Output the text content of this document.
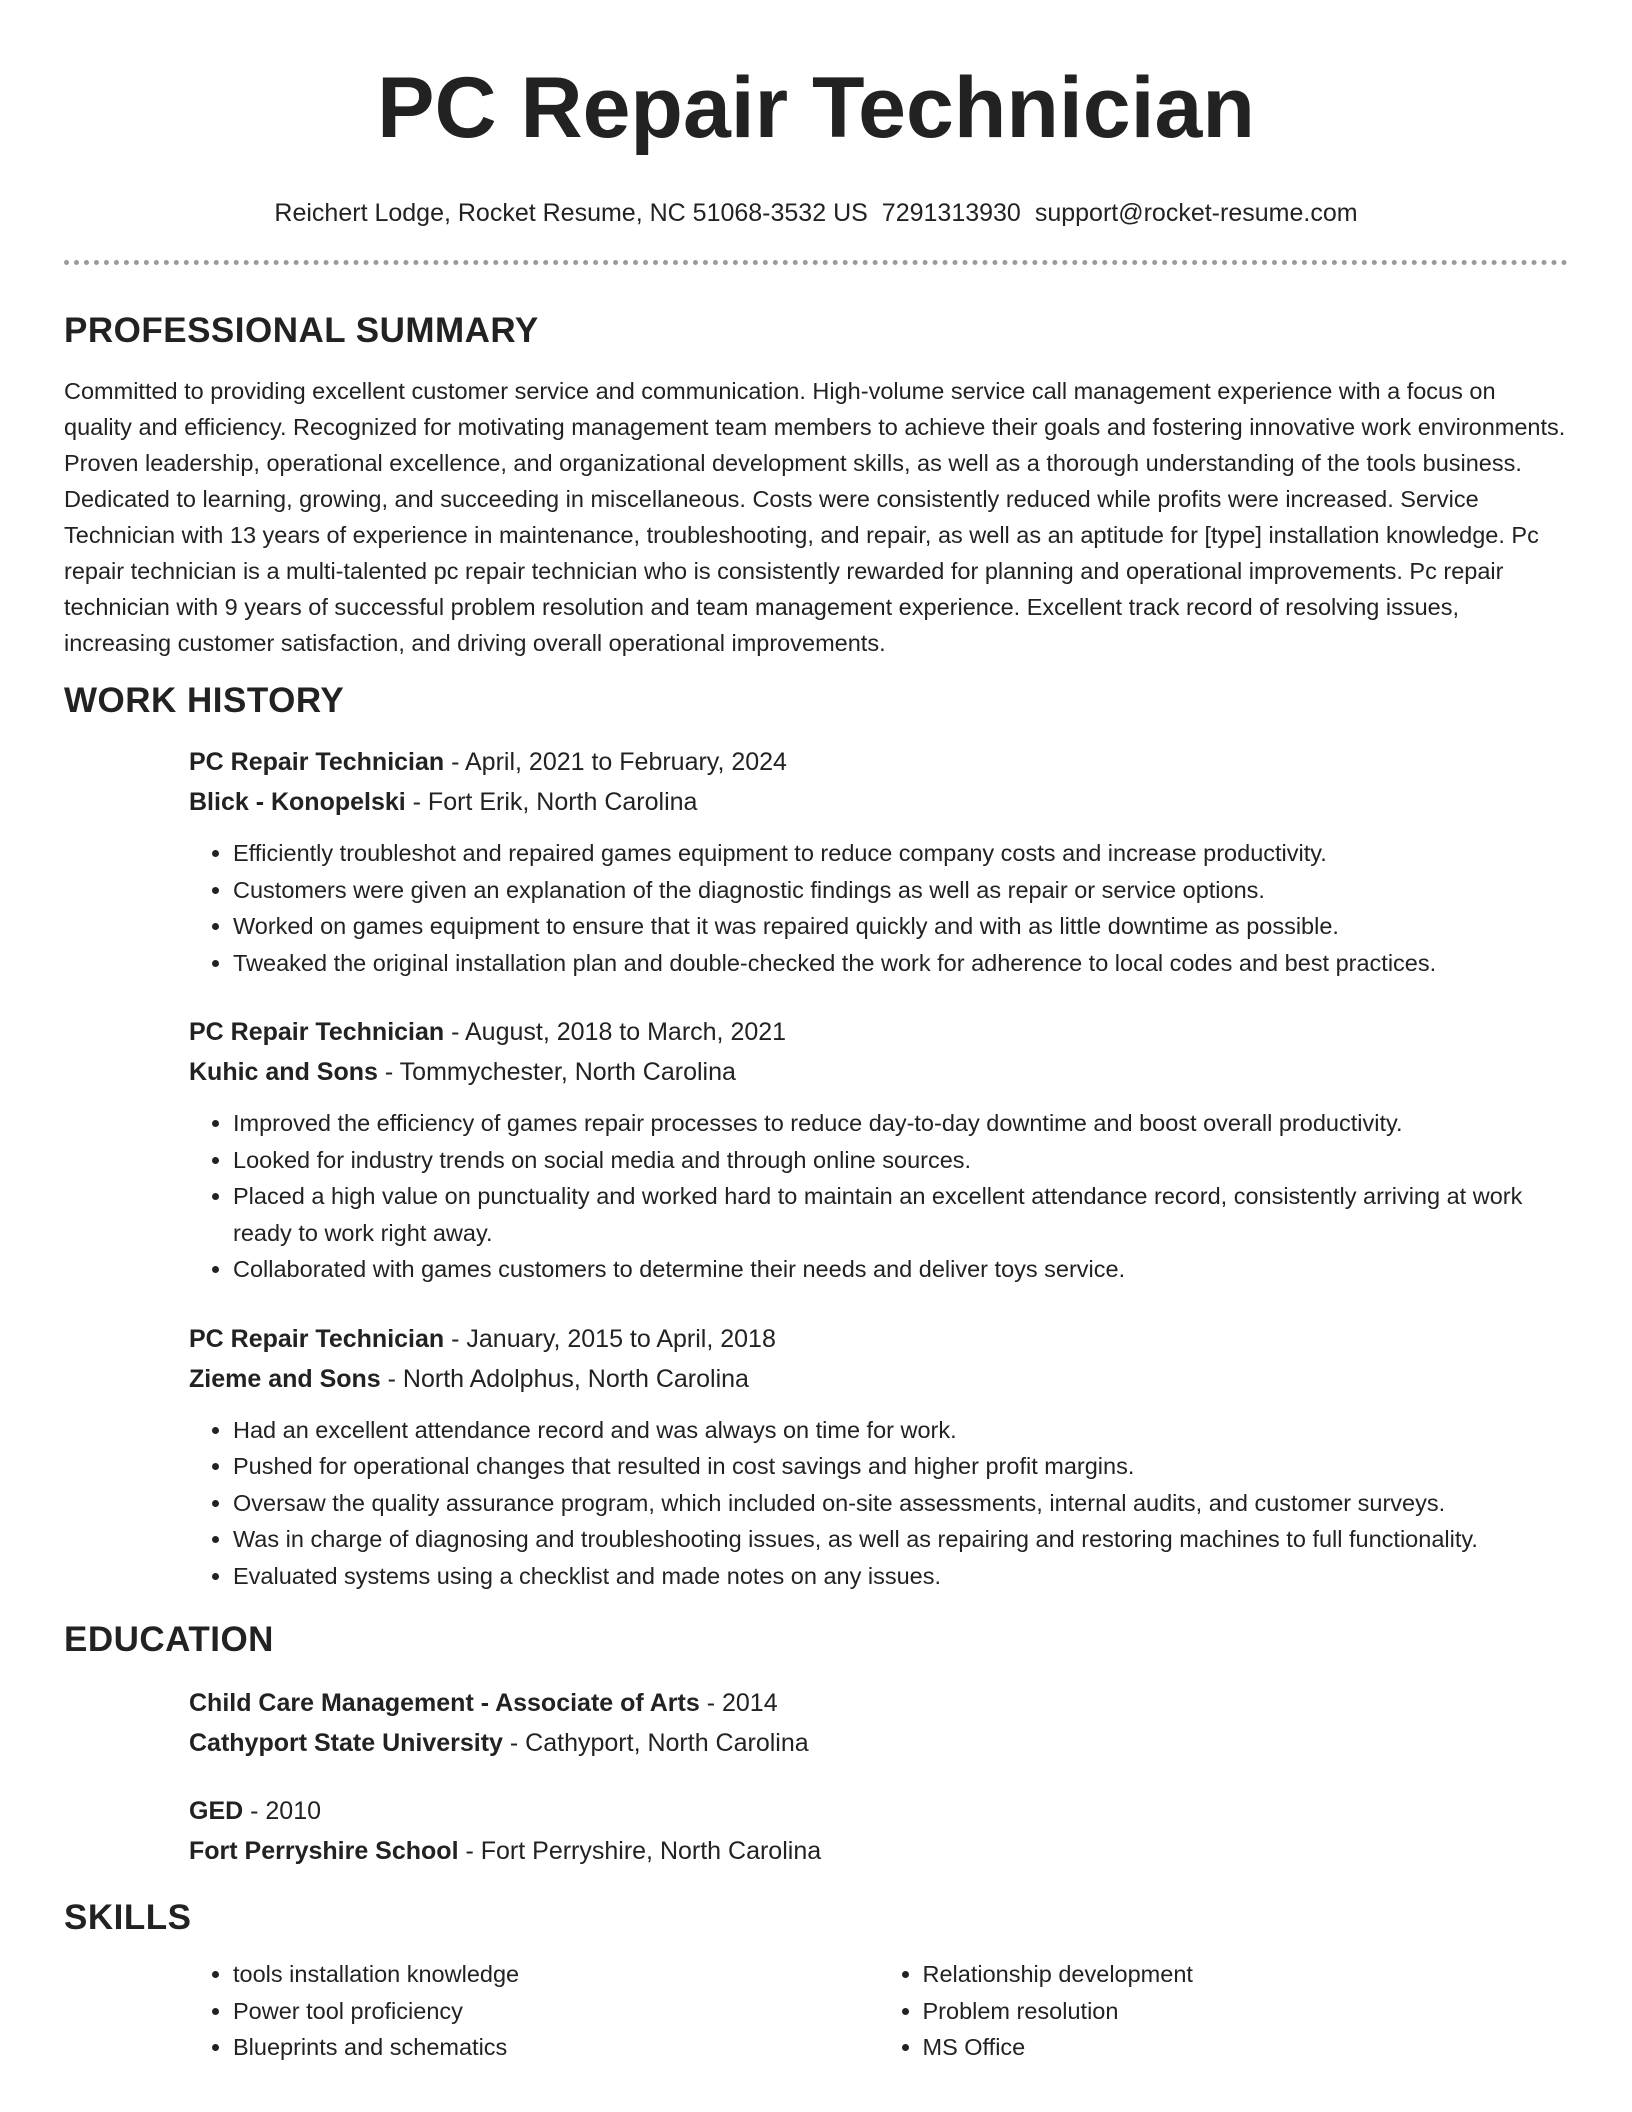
PC Repair Technician
Reichert Lodge, Rocket Resume, NC 51068-3532 US 7291313930 support@rocket-resume.com
PROFESSIONAL SUMMARY

Committed to providing excellent customer service and communication. High-volume service call management experience with a focus on quality and efficiency. Recognized for motivating management team members to achieve their goals and fostering innovative work environments. Proven leadership, operational excellence, and organizational development skills, as well as a thorough understanding of the tools business. Dedicated to learning, growing, and succeeding in miscellaneous. Costs were consistently reduced while profits were increased. Service Technician with 13 years of experience in maintenance, troubleshooting, and repair, as well as an aptitude for [type] installation knowledge. Pc repair technician is a multi-talented pc repair technician who is consistently rewarded for planning and operational improvements. Pc repair technician with 9 years of successful problem resolution and team management experience. Excellent track record of resolving issues, increasing customer satisfaction, and driving overall operational improvements.

WORK HISTORY

PC Repair Technician - April, 2021 to February, 2024

Blick - Konopelski - Fort Erik, North Carolina

• Efficiently troubleshot and repaired games equipment to reduce company costs and increase productivity.
• Customers were given an explanation of the diagnostic findings as well as repair or service options.
• Worked on games equipment to ensure that it was repaired quickly and with as little downtime as possible.
• Tweaked the original installation plan and double-checked the work for adherence to local codes and best practices.

PC Repair Technician - August, 2018 to March, 2021

Kuhic and Sons - Tommychester, North Carolina

• Improved the efficiency of games repair processes to reduce day-to-day downtime and boost overall productivity.
• Looked for industry trends on social media and through online sources.
• Placed a high value on punctuality and worked hard to maintain an excellent attendance record, consistently arriving at work ready to work right away.
• Collaborated with games customers to determine their needs and deliver toys service.

PC Repair Technician - January, 2015 to April, 2018

Zieme and Sons - North Adolphus, North Carolina

• Had an excellent attendance record and was always on time for work.
• Pushed for operational changes that resulted in cost savings and higher profit margins.
• Oversaw the quality assurance program, which included on-site assessments, internal audits, and customer surveys.
• Was in charge of diagnosing and troubleshooting issues, as well as repairing and restoring machines to full functionality.
• Evaluated systems using a checklist and made notes on any issues.
EDUCATION

Child Care Management - Associate of Arts - 2014

Cathyport State University - Cathyport, North Carolina

GED - 2010

Fort Perryshire School - Fort Perryshire, North Carolina

SKILLS
• tools installation knowledge
• Power tool proficiency
• Blueprints and schematics
• Relationship development
• Problem resolution
• MS Office
